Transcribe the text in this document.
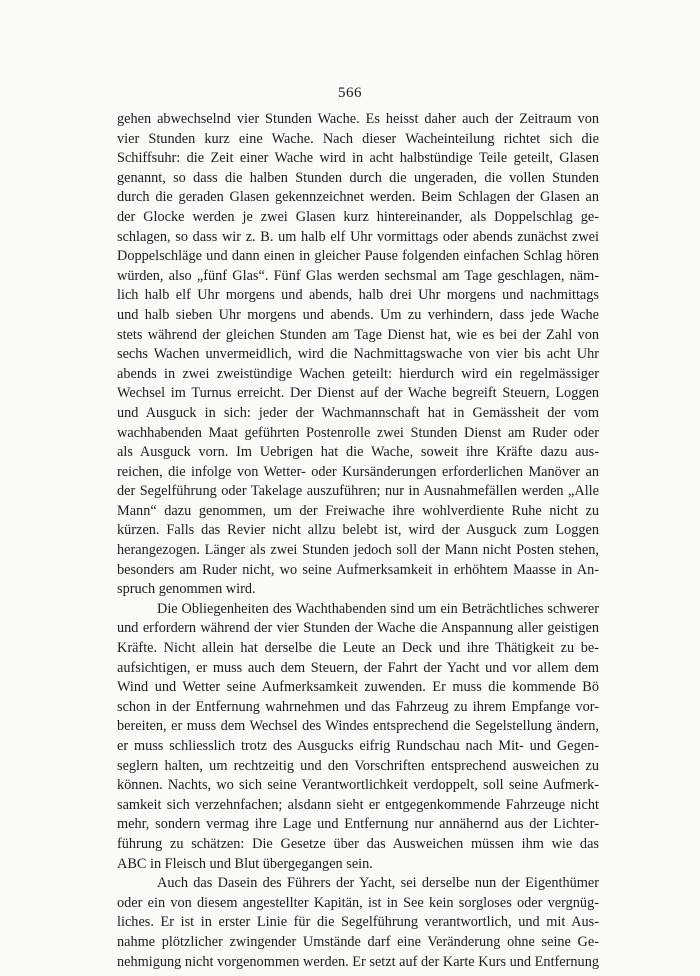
566
gehen abwechselnd vier Stunden Wache. Es heisst daher auch der Zeitraum von
vier Stunden kurz eine Wache. Nach dieser Wacheinteilung richtet sich die
Schiffsuhr: die Zeit einer Wache wird in acht halbstündige Teile geteilt, Glasen
genannt, so dass die halben Stunden durch die ungeraden, die vollen Stunden
durch die geraden Glasen gekennzeichnet werden. Beim Schlagen der Glasen an
der Glocke werden je zwei Glasen kurz hintereinander, als Doppelschlag ge-
schlagen, so dass wir z. B. um halb elf Uhr vormittags oder abends zunächst zwei
Doppelschläge und dann einen in gleicher Pause folgenden einfachen Schlag hören
würden, also „fünf Glas“. Fünf Glas werden sechsmal am Tage geschlagen, näm-
lich halb elf Uhr morgens und abends, halb drei Uhr morgens und nachmittags
und halb sieben Uhr morgens und abends. Um zu verhindern, dass jede Wache
stets während der gleichen Stunden am Tage Dienst hat, wie es bei der Zahl von
sechs Wachen unvermeidlich, wird die Nachmittagswache von vier bis acht Uhr
abends in zwei zweistündige Wachen geteilt: hierdurch wird ein regelmässiger
Wechsel im Turnus erreicht. Der Dienst auf der Wache begreift Steuern, Loggen
und Ausguck in sich: jeder der Wachmannschaft hat in Gemässheit der vom
wachhabenden Maat geführten Postenrolle zwei Stunden Dienst am Ruder oder
als Ausguck vorn. Im Uebrigen hat die Wache, soweit ihre Kräfte dazu aus-
reichen, die infolge von Wetter- oder Kursänderungen erforderlichen Manöver an
der Segelführung oder Takelage auszuführen; nur in Ausnahmefällen werden „Alle
Mann“ dazu genommen, um der Freiwache ihre wohlverdiente Ruhe nicht zu
kürzen. Falls das Revier nicht allzu belebt ist, wird der Ausguck zum Loggen
herangezogen. Länger als zwei Stunden jedoch soll der Mann nicht Posten stehen,
besonders am Ruder nicht, wo seine Aufmerksamkeit in erhöhtem Maasse in An-
spruch genommen wird.
Die Obliegenheiten des Wachthabenden sind um ein Beträchtliches schwerer
und erfordern während der vier Stunden der Wache die Anspannung aller geistigen
Kräfte. Nicht allein hat derselbe die Leute an Deck und ihre Thätigkeit zu be-
aufsichtigen, er muss auch dem Steuern, der Fahrt der Yacht und vor allem dem
Wind und Wetter seine Aufmerksamkeit zuwenden. Er muss die kommende Bö
schon in der Entfernung wahrnehmen und das Fahrzeug zu ihrem Empfange vor-
bereiten, er muss dem Wechsel des Windes entsprechend die Segelstellung ändern,
er muss schliesslich trotz des Ausgucks eifrig Rundschau nach Mit- und Gegen-
seglern halten, um rechtzeitig und den Vorschriften entsprechend ausweichen zu
können. Nachts, wo sich seine Verantwortlichkeit verdoppelt, soll seine Aufmerk-
samkeit sich verzehnfachen; alsdann sieht er entgegenkommende Fahrzeuge nicht
mehr, sondern vermag ihre Lage und Entfernung nur annähernd aus der Lichter-
führung zu schätzen: Die Gesetze über das Ausweichen müssen ihm wie das
ABC in Fleisch und Blut übergegangen sein.
Auch das Dasein des Führers der Yacht, sei derselbe nun der Eigenthümer
oder ein von diesem angestellter Kapitän, ist in See kein sorgloses oder vergnüg-
liches. Er ist in erster Linie für die Segelführung verantwortlich, und mit Aus-
nahme plötzlicher zwingender Umstände darf eine Veränderung ohne seine Ge-
nehmigung nicht vorgenommen werden. Er setzt auf der Karte Kurs und Entfernung
